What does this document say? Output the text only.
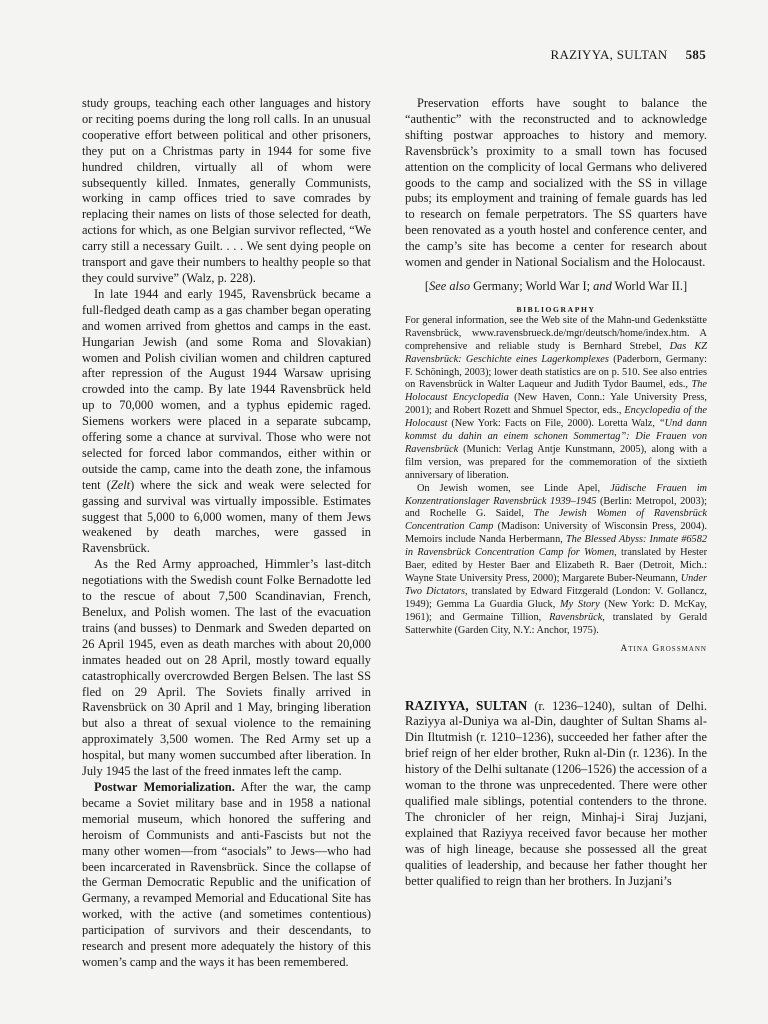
RAZIYYA, SULTAN 585

study groups, teaching each other languages and history or reciting poems during the long roll calls. In an unusual cooperative effort between political and other prisoners, they put on a Christmas party in 1944 for some five hundred children, virtually all of whom were subsequently killed. Inmates, generally Communists, working in camp offices tried to save comrades by replacing their names on lists of those selected for death, actions for which, as one Belgian survivor reflected, “We carry still a necessary Guilt. . . . We sent dying people on transport and gave their numbers to healthy people so that they could survive” (Walz, p. 228).

In late 1944 and early 1945, Ravensbrück became a full-fledged death camp as a gas chamber began operating and women arrived from ghettos and camps in the east. Hungarian Jewish (and some Roma and Slovakian) women and Polish civilian women and children captured after repression of the August 1944 Warsaw uprising crowded into the camp. By late 1944 Ravensbrück held up to 70,000 women, and a typhus epidemic raged. Siemens workers were placed in a separate subcamp, offering some a chance at survival. Those who were not selected for forced labor commandos, either within or outside the camp, came into the death zone, the infamous tent (Zelt) where the sick and weak were selected for gassing and survival was virtually impossible. Estimates suggest that 5,000 to 6,000 women, many of them Jews weakened by death marches, were gassed in Ravensbrück.

As the Red Army approached, Himmler’s last-ditch negotiations with the Swedish count Folke Bernadotte led to the rescue of about 7,500 Scandinavian, French, Benelux, and Polish women. The last of the evacuation trains (and busses) to Denmark and Sweden departed on 26 April 1945, even as death marches with about 20,000 inmates headed out on 28 April, mostly toward equally catastrophically overcrowded Bergen Belsen. The last SS fled on 29 April. The Soviets finally arrived in Ravensbrück on 30 April and 1 May, bringing liberation but also a threat of sexual violence to the remaining approximately 3,500 women. The Red Army set up a hospital, but many women succumbed after liberation. In July 1945 the last of the freed inmates left the camp.

Postwar Memorialization. After the war, the camp became a Soviet military base and in 1958 a national memorial museum, which honored the suffering and heroism of Communists and anti-Fascists but not the many other women—from “asocials” to Jews—who had been incarcerated in Ravensbrück. Since the collapse of the German Democratic Republic and the unification of Germany, a revamped Memorial and Educational Site has worked, with the active (and sometimes contentious) participation of survivors and their descendants, to research and present more adequately the history of this women’s camp and the ways it has been remembered.

Preservation efforts have sought to balance the “authentic” with the reconstructed and to acknowledge shifting postwar approaches to history and memory. Ravensbrück’s proximity to a small town has focused attention on the complicity of local Germans who delivered goods to the camp and socialized with the SS in village pubs; its employment and training of female guards has led to research on female perpetrators. The SS quarters have been renovated as a youth hostel and conference center, and the camp’s site has become a center for research about women and gender in National Socialism and the Holocaust.

[See also Germany; World War I; and World War II.]

BIBLIOGRAPHY

For general information, see the Web site of the Mahn-und Gedenkstätte Ravensbrück, www.ravensbrueck.de/mgr/deutsch/home/index.htm. A comprehensive and reliable study is Bernhard Strebel, Das KZ Ravensbrück: Geschichte eines Lagerkomplexes (Paderborn, Germany: F. Schöningh, 2003); lower death statistics are on p. 510. See also entries on Ravensbrück in Walter Laqueur and Judith Tydor Baumel, eds., The Holocaust Encyclopedia (New Haven, Conn.: Yale University Press, 2001); and Robert Rozett and Shmuel Spector, eds., Encyclopedia of the Holocaust (New York: Facts on File, 2000). Loretta Walz, “Und dann kommst du dahin an einem schonen Sommertag”: Die Frauen von Ravensbrück (Munich: Verlag Antje Kunstmann, 2005), along with a film version, was prepared for the commemoration of the sixtieth anniversary of liberation.

On Jewish women, see Linde Apel, Jüdische Frauen im Konzentrationslager Ravensbrück 1939–1945 (Berlin: Metropol, 2003); and Rochelle G. Saidel, The Jewish Women of Ravensbrück Concentration Camp (Madison: University of Wisconsin Press, 2004). Memoirs include Nanda Herbermann, The Blessed Abyss: Inmate #6582 in Ravensbrück Concentration Camp for Women, translated by Hester Baer, edited by Hester Baer and Elizabeth R. Baer (Detroit, Mich.: Wayne State University Press, 2000); Margarete Buber-Neumann, Under Two Dictators, translated by Edward Fitzgerald (London: V. Gollancz, 1949); Gemma La Guardia Gluck, My Story (New York: D. McKay, 1961); and Germaine Tillion, Ravensbrück, translated by Gerald Satterwhite (Garden City, N.Y.: Anchor, 1975).

Atina Grossmann

RAZIYYA, SULTAN (r. 1236–1240), sultan of Delhi. Raziyya al-Duniya wa al-Din, daughter of Sultan Shams al-Din Iltutmish (r. 1210–1236), succeeded her father after the brief reign of her elder brother, Rukn al-Din (r. 1236). In the history of the Delhi sultanate (1206–1526) the accession of a woman to the throne was unprecedented. There were other qualified male siblings, potential contenders to the throne. The chronicler of her reign, Minhaj-i Siraj Juzjani, explained that Raziyya received favor because her mother was of high lineage, because she possessed all the great qualities of leadership, and because her father thought her better qualified to reign than her brothers. In Juzjani’s
